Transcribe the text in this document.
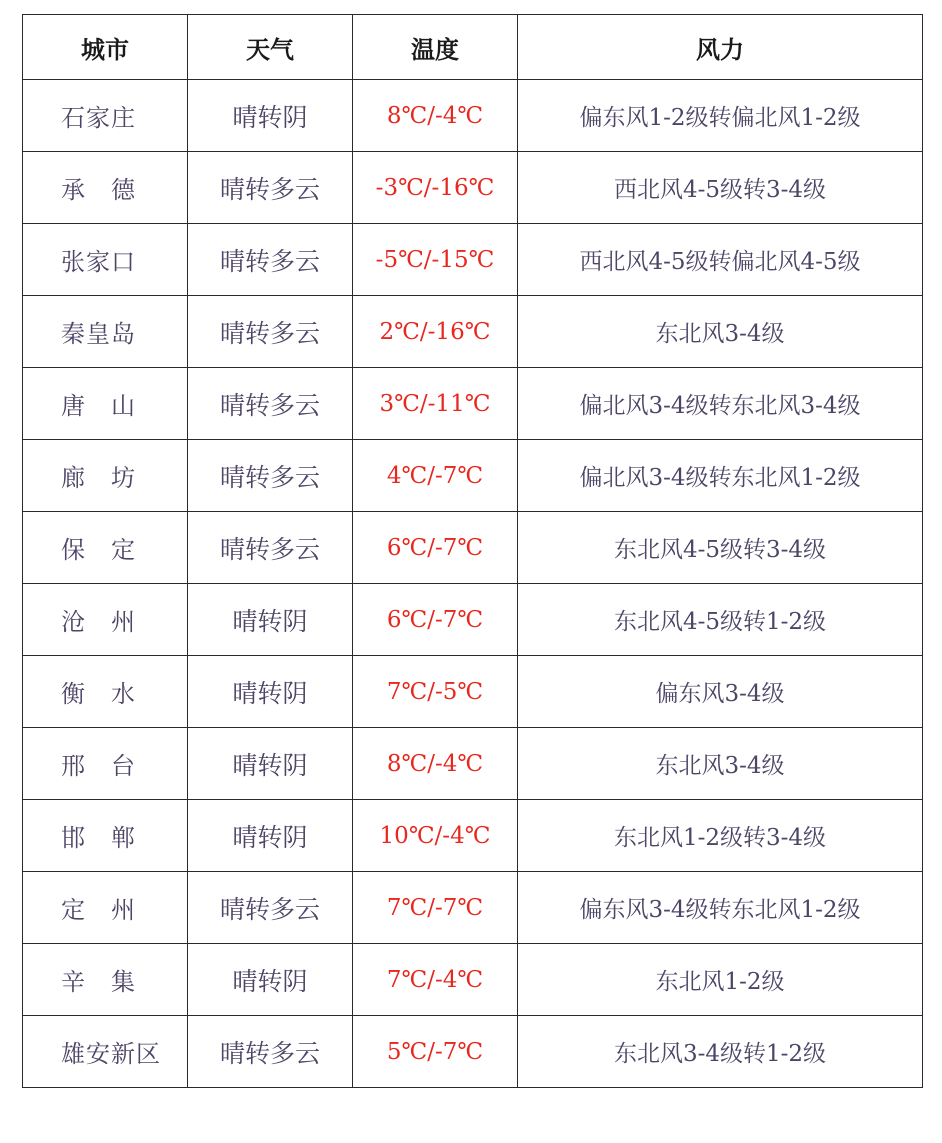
城市	天气	温度	风力
石家庄	晴转阴	8℃/-4℃	偏东风1-2级转偏北风1-2级
承　德	晴转多云	-3℃/-16℃	西北风4-5级转3-4级
张家口	晴转多云	-5℃/-15℃	西北风4-5级转偏北风4-5级
秦皇岛	晴转多云	2℃/-16℃	东北风3-4级
唐　山	晴转多云	3℃/-11℃	偏北风3-4级转东北风3-4级
廊　坊	晴转多云	4℃/-7℃	偏北风3-4级转东北风1-2级
保　定	晴转多云	6℃/-7℃	东北风4-5级转3-4级
沧　州	晴转阴	6℃/-7℃	东北风4-5级转1-2级
衡　水	晴转阴	7℃/-5℃	偏东风3-4级
邢　台	晴转阴	8℃/-4℃	东北风3-4级
邯　郸	晴转阴	10℃/-4℃	东北风1-2级转3-4级
定　州	晴转多云	7℃/-7℃	偏东风3-4级转东北风1-2级
辛　集	晴转阴	7℃/-4℃	东北风1-2级
雄安新区	晴转多云	5℃/-7℃	东北风3-4级转1-2级
